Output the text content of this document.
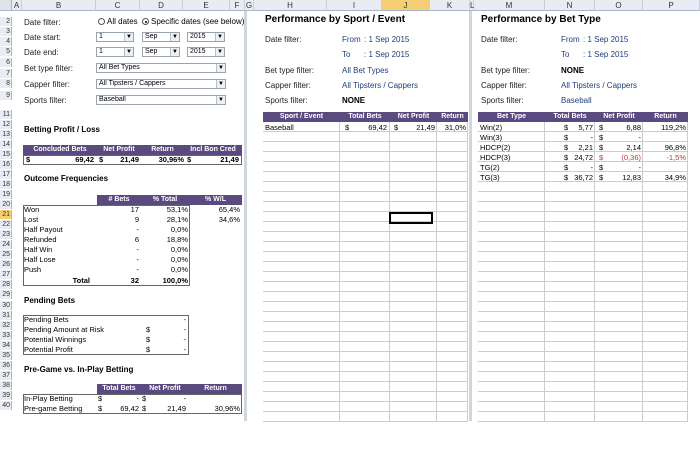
A	B	C	D	E	F G	H	I	J	K	L	M	N	O	P
2
3
4
5
6
7
8
9
11
12
13
14
15
16
17
18
19
20
21
22
23
24
25
26
27
28
29
30
31
32
33
34
35
36
37
38
39
40
Date filter:	All dates	Specific dates (see below)
Date start:	1	▼	Sep	▼	2015	▼
Date end:	1	▼	Sep	▼	2015	▼
Bet type filter:	All Bet Types	▼
Capper filter:	All Tipsters / Cappers	▼
Sports filter:	Baseball	▼
Betting Profit / Loss
Concluded Bets	Net Profit	Return	Incl Bon Cred
$	69,42 $	21,49	30,96% $	21,49
Outcome Frequencies
# Bets	% Total	% W/L
Won	17	53,1%	65,4%
Lost	9	28,1%	34,6%
Half Payout	-	0,0%
Refunded	6	18,8%
Half Win	-	0,0%
Half Lose	-	0,0%
Push	-	0,0%
Total	32	100,0%
Pending Bets
Pending Bets	-
Pending Amount at Risk	$	-
Potential Winnings	$	-
Potential Profit	$	-
Pre-Game vs. In-Play Betting
Total Bets	Net Profit	Return
In-Play Betting	$	- $	-
Pre-game Betting $	69,42 $	21,49	30,96%
Performance by Sport / Event
Date filter:	From : 1 Sep 2015
To : 1 Sep 2015
Bet type filter:	All Bet Types
Capper filter:	All Tipsters / Cappers
Sports filter:	NONE
Performance by Bet Type
Date filter:	From : 1 Sep 2015
To : 1 Sep 2015
Bet type filter:	NONE
Capper filter:	All Tipsters / Cappers
Sports filter:	Baseball
Sport / Event	Total Bets	Net Profit	Return
Baseball	$	69,42 $	21,49	31,0%
Bet Type	Total Bets	Net Profit	Return
Win(2)	$	5,77 $	6,88	119,2%
Win(3)	$	- $	-
HDCP(2)	$	2,21 $	2,14	96,8%
HDCP(3)	$ 24,72 $	(0,36)	-1,5%
TG(2)	$	- $	-
TG(3)	$ 36,72 $	12,83	34,9%
